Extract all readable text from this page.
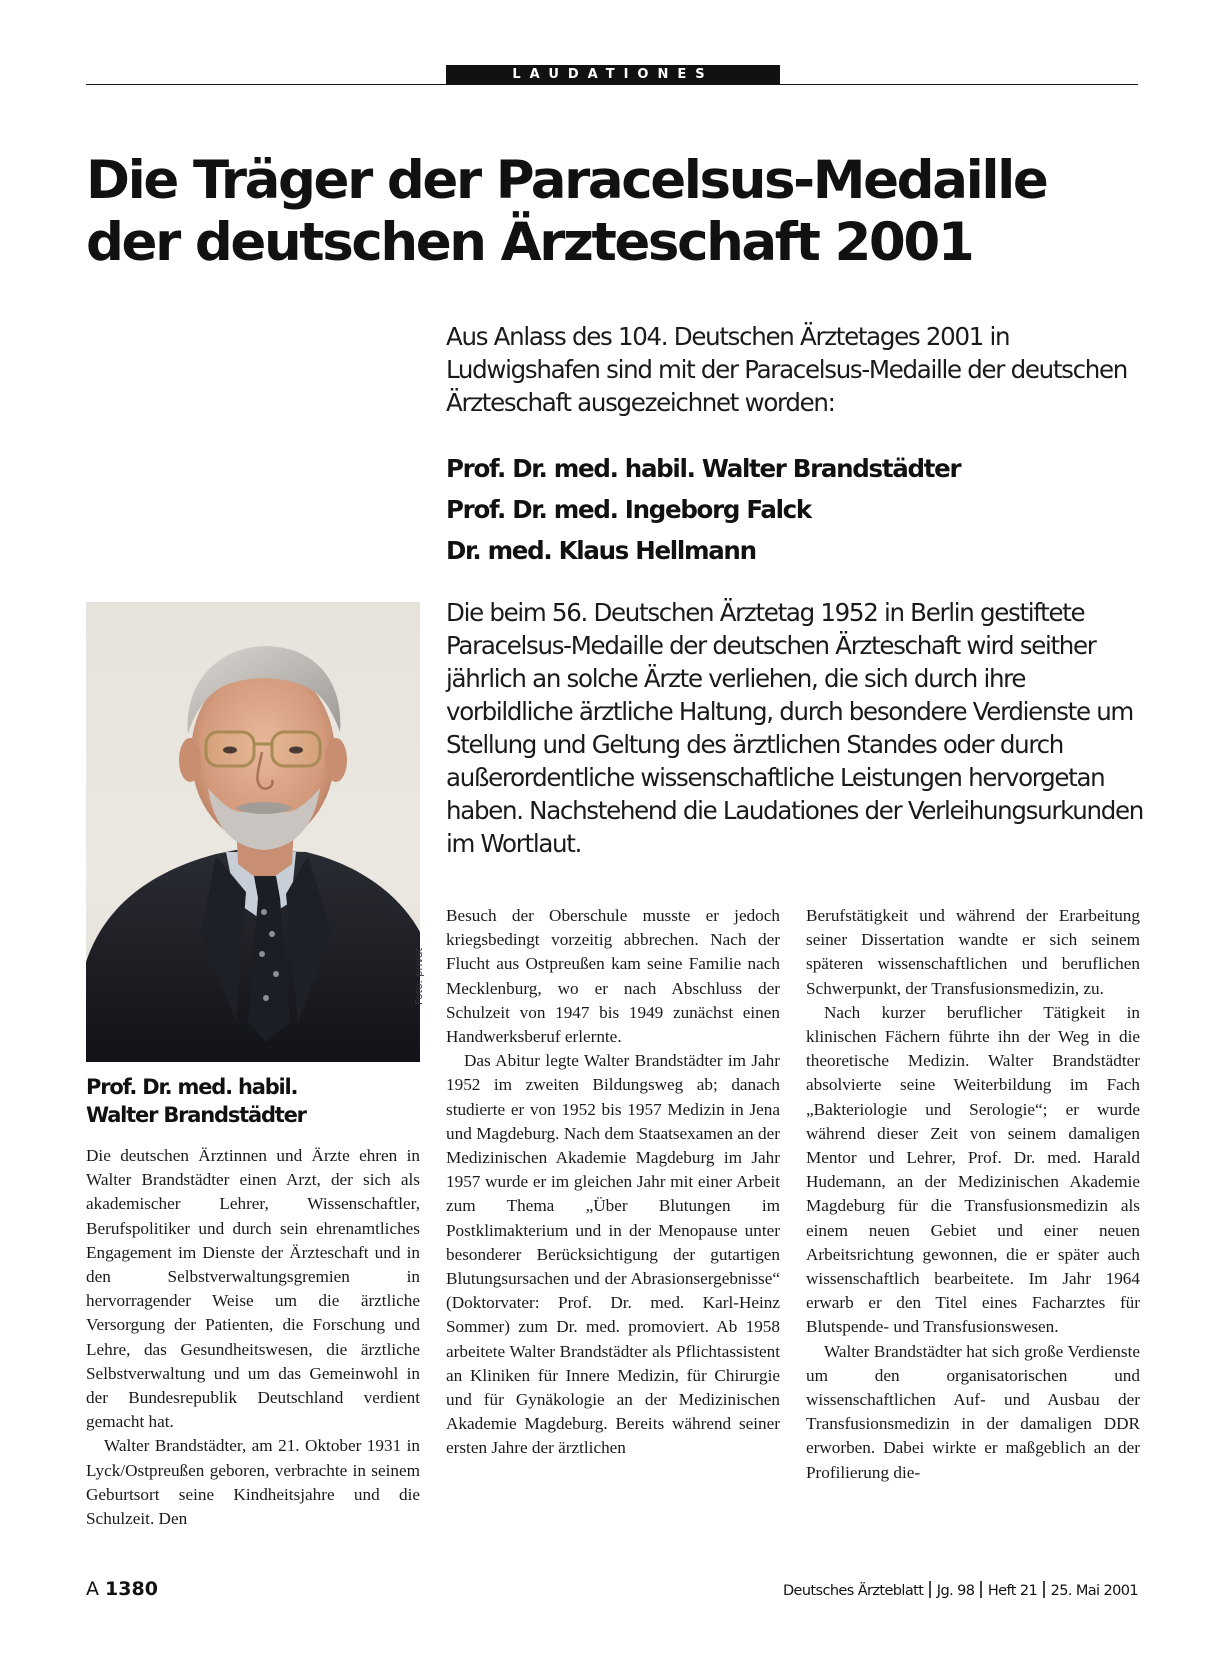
LAUDATIONES
Die Träger der Paracelsus-Medaille
der deutschen Ärzteschaft 2001

Aus Anlass des 104. Deutschen Ärztetages 2001 in Ludwigshafen sind mit der Paracelsus-Medaille der deutschen Ärzteschaft ausgezeichnet worden:

Prof. Dr. med. habil. Walter Brandstädter
Prof. Dr. med. Ingeborg Falck
Dr. med. Klaus Hellmann

Die beim 56. Deutschen Ärztetag 1952 in Berlin gestiftete Paracelsus-Medaille der deutschen Ärzteschaft wird seither jährlich an solche Ärzte verliehen, die sich durch ihre vorbildliche ärztliche Haltung, durch besondere Verdienste um Stellung und Geltung des ärztlichen Standes oder durch außerordentliche wissenschaftliche Leistungen hervorgetan haben. Nachstehend die Laudationes der Verleihungsurkunden im Wortlaut.

Foto: privat
Prof. Dr. med. habil.
Walter Brandstädter

Die deutschen Ärztinnen und Ärzte ehren in Walter Brandstädter einen Arzt, der sich als akademischer Lehrer, Wissenschaftler, Berufspolitiker und durch sein ehrenamtliches Engagement im Dienste der Ärzteschaft und in den Selbstverwaltungsgremien in hervorragender Weise um die ärztliche Versorgung der Patienten, die Forschung und Lehre, das Gesundheitswesen, die ärztliche Selbstverwaltung und um das Gemeinwohl in der Bundesrepublik Deutschland verdient gemacht hat.

Walter Brandstädter, am 21. Oktober 1931 in Lyck/Ostpreußen geboren, verbrachte in seinem Geburtsort seine Kindheitsjahre und die Schulzeit. Den

Besuch der Oberschule musste er jedoch kriegsbedingt vorzeitig abbrechen. Nach der Flucht aus Ostpreußen kam seine Familie nach Mecklenburg, wo er nach Abschluss der Schulzeit von 1947 bis 1949 zunächst einen Handwerksberuf erlernte.

Das Abitur legte Walter Brandstädter im Jahr 1952 im zweiten Bildungsweg ab; danach studierte er von 1952 bis 1957 Medizin in Jena und Magdeburg. Nach dem Staatsexamen an der Medizinischen Akademie Magdeburg im Jahr 1957 wurde er im gleichen Jahr mit einer Arbeit zum Thema „Über Blutungen im Postklimakterium und in der Menopause unter besonderer Berücksichtigung der gutartigen Blutungsursachen und der Abrasionsergebnisse“ (Doktorvater: Prof. Dr. med. Karl-Heinz Sommer) zum Dr. med. promoviert. Ab 1958 arbeitete Walter Brandstädter als Pflichtassistent an Kliniken für Innere Medizin, für Chirurgie und für Gynäkologie an der Medizinischen Akademie Magdeburg. Bereits während seiner ersten Jahre der ärztlichen

Berufstätigkeit und während der Erarbeitung seiner Dissertation wandte er sich seinem späteren wissenschaftlichen und beruflichen Schwerpunkt, der Transfusionsmedizin, zu.

Nach kurzer beruflicher Tätigkeit in klinischen Fächern führte ihn der Weg in die theoretische Medizin. Walter Brandstädter absolvierte seine Weiterbildung im Fach „Bakteriologie und Serologie“; er wurde während dieser Zeit von seinem damaligen Mentor und Lehrer, Prof. Dr. med. Harald Hudemann, an der Medizinischen Akademie Magdeburg für die Transfusionsmedizin als einem neuen Gebiet und einer neuen Arbeitsrichtung gewonnen, die er später auch wissenschaftlich bearbeitete. Im Jahr 1964 erwarb er den Titel eines Facharztes für Blutspende- und Transfusionswesen.

Walter Brandstädter hat sich große Verdienste um den organisatorischen und wissenschaftlichen Auf- und Ausbau der Transfusionsmedizin in der damaligen DDR erworben. Dabei wirkte er maßgeblich an der Profilierung die-

A 1380	Deutsches Ärzteblatt Jg. 98 Heft 21 25. Mai 2001
